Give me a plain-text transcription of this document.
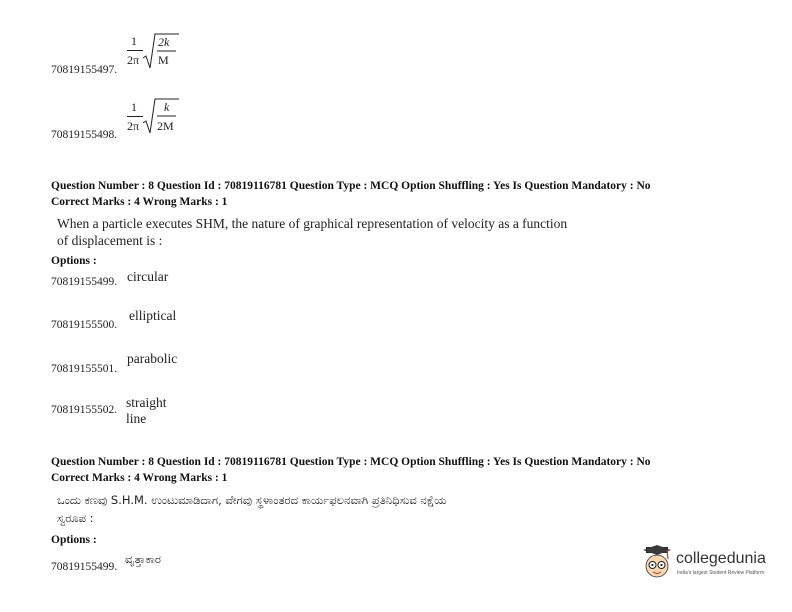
1
2π
2k
M
70819155497.
1
2π
k
2M
70819155498.
Question Number : 8 Question Id : 70819116781 Question Type : MCQ Option Shuffling : Yes Is Question Mandatory : No
Correct Marks : 4 Wrong Marks : 1
When a particle executes SHM, the nature of graphical representation of velocity as a function
of displacement is :
Options :
circular
70819155499.
elliptical
70819155500.
parabolic
70819155501.
straight line
70819155502.
Question Number : 8 Question Id : 70819116781 Question Type : MCQ Option Shuffling : Yes Is Question Mandatory : No
Correct Marks : 4 Wrong Marks : 1
ಒಂದು ಕಣವು S.H.M. ಉಂಟುಮಾಡಿದಾಗ, ವೇಗವು ಸ್ಥಳಾಂತರದ ಕಾರ್ಯಫಲನವಾಗಿ ಪ್ರತಿನಿಧಿಸುವ ನಕ್ಷೆಯ
ಸ್ವರೂಪ :
Options :
ವೃತ್ತಾಕಾರ
70819155499.	collegedunia
India's largest Student Review Platform
